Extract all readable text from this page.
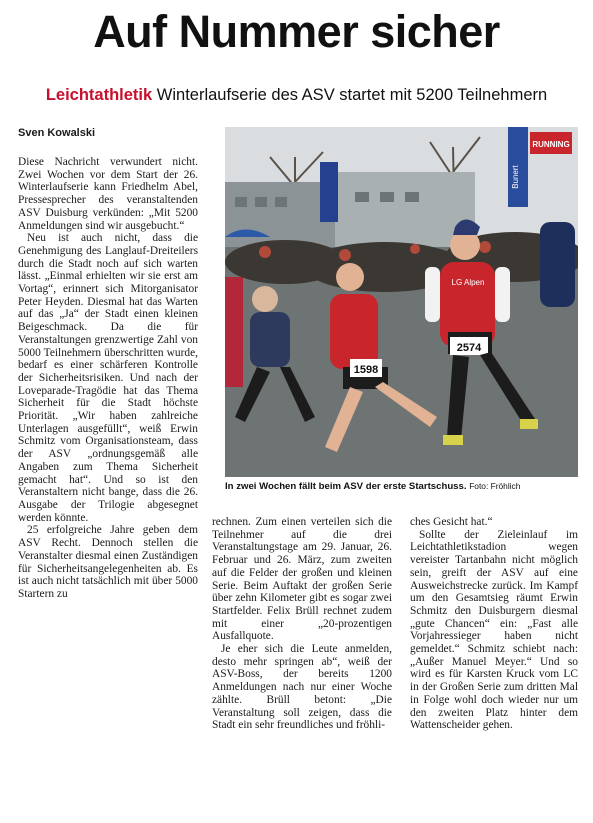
Auf Nummer sicher
Leichtathletik Winterlaufserie des ASV startet mit 5200 Teilnehmern
Sven Kowalski

Diese Nachricht verwundert nicht. Zwei Wochen vor dem Start der 26. Winterlaufserie kann Friedhelm Abel, Pressesprecher des veranstaltenden ASV Duisburg verkünden: „Mit 5200 Anmeldungen sind wir ausgebucht.“

Neu ist auch nicht, dass die Genehmigung des Langlauf-Dreiteilers durch die Stadt noch auf sich warten lässt. „Einmal erhielten wir sie erst am Vortag“, erinnert sich Mitorganisator Peter Heyden. Diesmal hat das Warten auf das „Ja“ der Stadt einen kleinen Beigeschmack. Da die für Veranstaltungen grenzwertige Zahl von 5000 Teilnehmern überschritten wurde, bedarf es einer schärferen Kontrolle der Sicherheitsrisiken. Und nach der Loveparade-Tragödie hat das Thema Sicherheit für die Stadt höchste Priorität. „Wir haben zahlreiche Unterlagen ausgefüllt“, weiß Erwin Schmitz vom Organisationsteam, dass der ASV „ordnungsgemäß alle Angaben zum Thema Sicherheit gemacht hat“. Und so ist den Veranstaltern nicht bange, dass die 26. Ausgabe der Trilogie abgesegnet werden könnte.

25 erfolgreiche Jahre geben dem ASV Recht. Dennoch stellen die Veranstalter diesmal einen Zuständigen für Sicherheitsangelegenheiten ab. Es ist auch nicht tatsächlich mit über 5000 Startern zu

Bunert
RUNNING
1598
LG Alpen
2574
In zwei Wochen fällt beim ASV der erste Startschuss. Foto: Fröhlich

rechnen. Zum einen verteilen sich die Teilnehmer auf die drei Veranstaltungstage am 29. Januar, 26. Februar und 26. März, zum zweiten auf die Felder der großen und kleinen Serie. Beim Auftakt der großen Serie über zehn Kilometer gibt es sogar zwei Startfelder. Felix Brüll rechnet zudem mit einer „20-prozentigen Ausfallquote.

Je eher sich die Leute anmelden, desto mehr springen ab“, weiß der ASV-Boss, der bereits 1200 Anmeldungen nach nur einer Woche zählte. Brüll betont: „Die Veranstaltung soll zeigen, dass die Stadt ein sehr freundliches und fröhli-

ches Gesicht hat.“

Sollte der Zieleinlauf im Leichtathletikstadion wegen vereister Tartanbahn nicht möglich sein, greift der ASV auf eine Ausweichstrecke zurück. Im Kampf um den Gesamtsieg räumt Erwin Schmitz den Duisburgern diesmal „gute Chancen“ ein: „Fast alle Vorjahressieger haben nicht gemeldet.“ Schmitz schiebt nach: „Außer Manuel Meyer.“ Und so wird es für Karsten Kruck vom LC in der Großen Serie zum dritten Mal in Folge wohl doch wieder nur um den zweiten Platz hinter dem Wattenscheider gehen.
